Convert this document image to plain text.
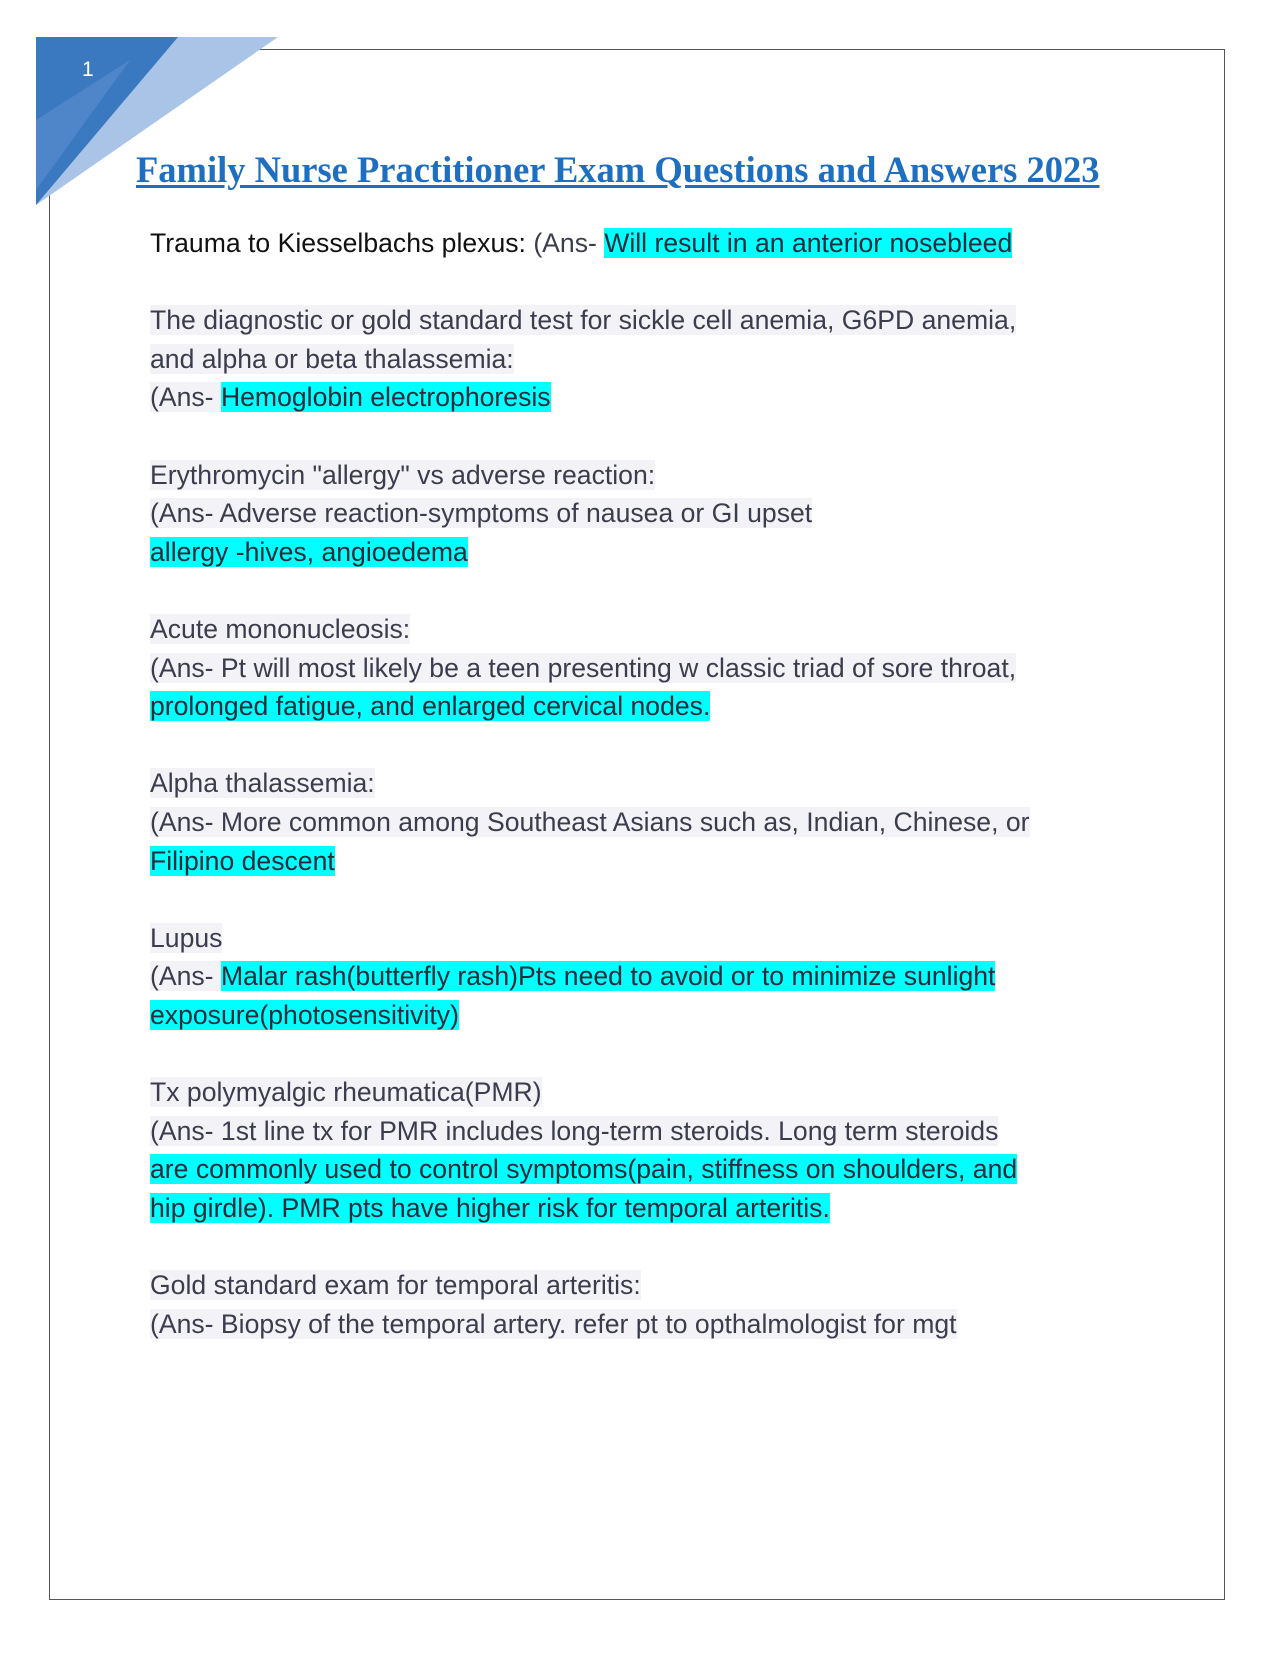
1
Family Nurse Practitioner Exam Questions and Answers 2023
Trauma to Kiesselbachs plexus: (Ans- Will result in an anterior nosebleed
The diagnostic or gold standard test for sickle cell anemia, G6PD anemia,
and alpha or beta thalassemia:
(Ans- Hemoglobin electrophoresis
Erythromycin "allergy" vs adverse reaction:
(Ans- Adverse reaction-symptoms of nausea or GI upset
allergy -hives, angioedema
Acute mononucleosis:
(Ans- Pt will most likely be a teen presenting w classic triad of sore throat,
prolonged fatigue, and enlarged cervical nodes.
Alpha thalassemia:
(Ans- More common among Southeast Asians such as, Indian, Chinese, or
Filipino descent
Lupus
(Ans- Malar rash(butterfly rash)Pts need to avoid or to minimize sunlight
exposure(photosensitivity)
Tx polymyalgic rheumatica(PMR)
(Ans- 1st line tx for PMR includes long-term steroids. Long term steroids
are commonly used to control symptoms(pain, stiffness on shoulders, and
hip girdle). PMR pts have higher risk for temporal arteritis.
Gold standard exam for temporal arteritis:
(Ans- Biopsy of the temporal artery. refer pt to opthalmologist for mgt
